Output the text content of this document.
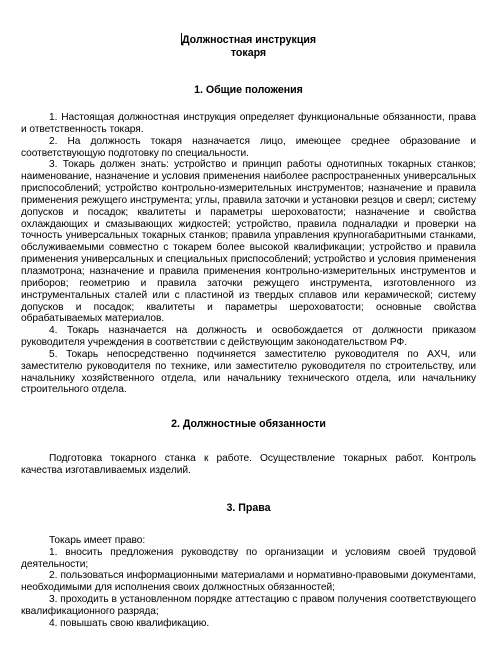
Должностная инструкция
токаря
1. Общие положения

1. Настоящая должностная инструкция определяет функциональные обязанности, права и ответственность токаря.

2. На должность токаря назначается лицо, имеющее среднее образование и соответствующую подготовку по специальности.

3. Токарь должен знать: устройство и принцип работы однотипных токарных станков; наименование, назначение и условия применения наиболее распространенных универсальных приспособлений; устройство контрольно-измерительных инструментов; назначение и правила применения режущего инструмента; углы, правила заточки и установки резцов и сверл; систему допусков и посадок; квалитеты и параметры шероховатости; назначение и свойства охлаждающих и смазывающих жидкостей; устройство, правила подналадки и проверки на точность универсальных токарных станков; правила управления крупногабаритными станками, обслуживаемыми совместно с токарем более высокой квалификации; устройство и правила применения универсальных и специальных приспособлений; устройство и условия применения плазмотрона; назначение и правила применения контрольно-измерительных инструментов и приборов; геометрию и правила заточки режущего инструмента, изготовленного из инструментальных сталей или с пластиной из твердых сплавов или керамической; систему допусков и посадок; квалитеты и параметры шероховатости; основные свойства обрабатываемых материалов.

4. Токарь назначается на должность и освобождается от должности приказом руководителя учреждения в соответствии с действующим законодательством РФ.

5. Токарь непосредственно подчиняется заместителю руководителя по АХЧ, или заместителю руководителя по технике, или заместителю руководителя по строительству, или начальнику хозяйственного отдела, или начальнику технического отдела, или начальнику строительного отдела.

2. Должностные обязанности

Подготовка токарного станка к работе. Осуществление токарных работ. Контроль качества изготавливаемых изделий.

3. Права

Токарь имеет право:

1. вносить предложения руководству по организации и условиям своей трудовой деятельности;

2. пользоваться информационными материалами и нормативно-правовыми документами, необходимыми для исполнения своих должностных обязанностей;

3. проходить в установленном порядке аттестацию с правом получения соответствующего квалификационного разряда;

4. повышать свою квалификацию.
